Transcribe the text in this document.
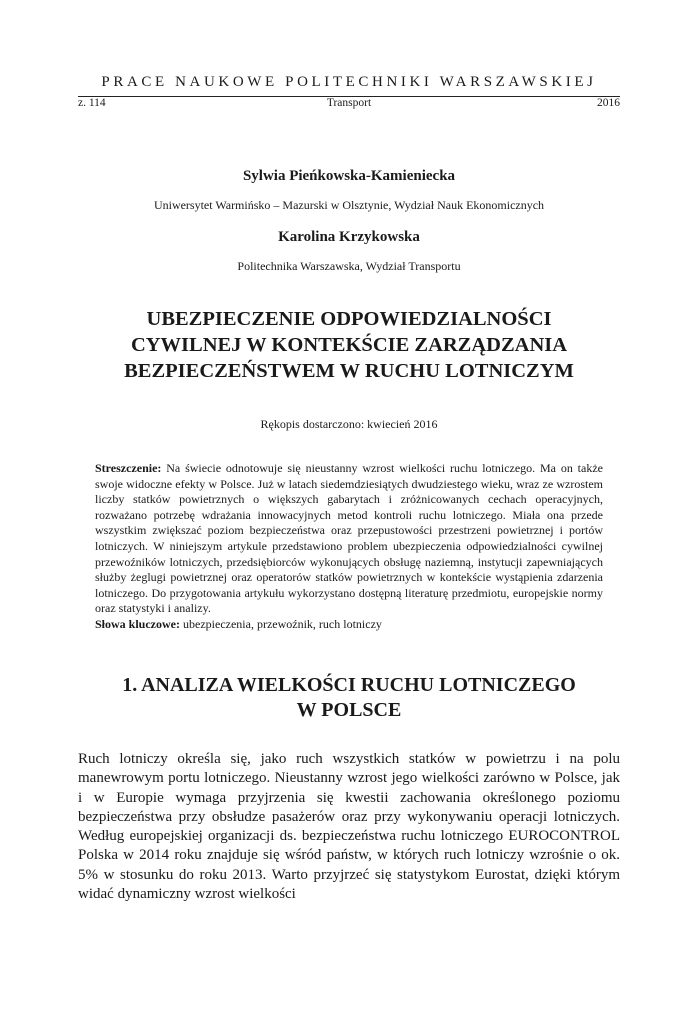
PRACE NAUKOWE POLITECHNIKI WARSZAWSKIEJ
z. 114	Transport	2016
Sylwia Pieńkowska-Kamieniecka
Uniwersytet Warmińsko – Mazurski w Olsztynie, Wydział Nauk Ekonomicznych
Karolina Krzykowska
Politechnika Warszawska, Wydział Transportu
UBEZPIECZENIE ODPOWIEDZIALNOŚCI
CYWILNEJ W KONTEKŚCIE ZARZĄDZANIA
BEZPIECZEŃSTWEM W RUCHU LOTNICZYM
Rękopis dostarczono: kwiecień 2016

Streszczenie: Na świecie odnotowuje się nieustanny wzrost wielkości ruchu lotniczego. Ma on także swoje widoczne efekty w Polsce. Już w latach siedemdziesiątych dwudziestego wieku, wraz ze wzrostem liczby statków powietrznych o większych gabarytach i zróżnicowanych cechach operacyjnych, rozważano potrzebę wdrażania innowacyjnych metod kontroli ruchu lotniczego. Miała ona przede wszystkim zwiększać poziom bezpieczeństwa oraz przepustowości przestrzeni powietrznej i portów lotniczych. W niniejszym artykule przedstawiono problem ubezpieczenia odpowiedzialności cywilnej przewoźników lotniczych, przedsiębiorców wykonujących obsługę naziemną, instytucji zapewniających służby żeglugi powietrznej oraz operatorów statków powietrznych w kontekście wystąpienia zdarzenia lotniczego. Do przygotowania artykułu wykorzystano dostępną literaturę przedmiotu, europejskie normy oraz statystyki i analizy.

Słowa kluczowe: ubezpieczenia, przewoźnik, ruch lotniczy

1. ANALIZA WIELKOŚCI RUCHU LOTNICZEGO
W POLSCE

Ruch lotniczy określa się, jako ruch wszystkich statków w powietrzu i na polu manewrowym portu lotniczego. Nieustanny wzrost jego wielkości zarówno w Polsce, jak i w Europie wymaga przyjrzenia się kwestii zachowania określonego poziomu bezpieczeństwa przy obsłudze pasażerów oraz przy wykonywaniu operacji lotniczych. Według europejskiej organizacji ds. bezpieczeństwa ruchu lotniczego EUROCONTROL Polska w 2014 roku znajduje się wśród państw, w których ruch lotniczy wzrośnie o ok. 5% w stosunku do roku 2013. Warto przyjrzeć się statystykom Eurostat, dzięki którym widać dynamiczny wzrost wielkości
